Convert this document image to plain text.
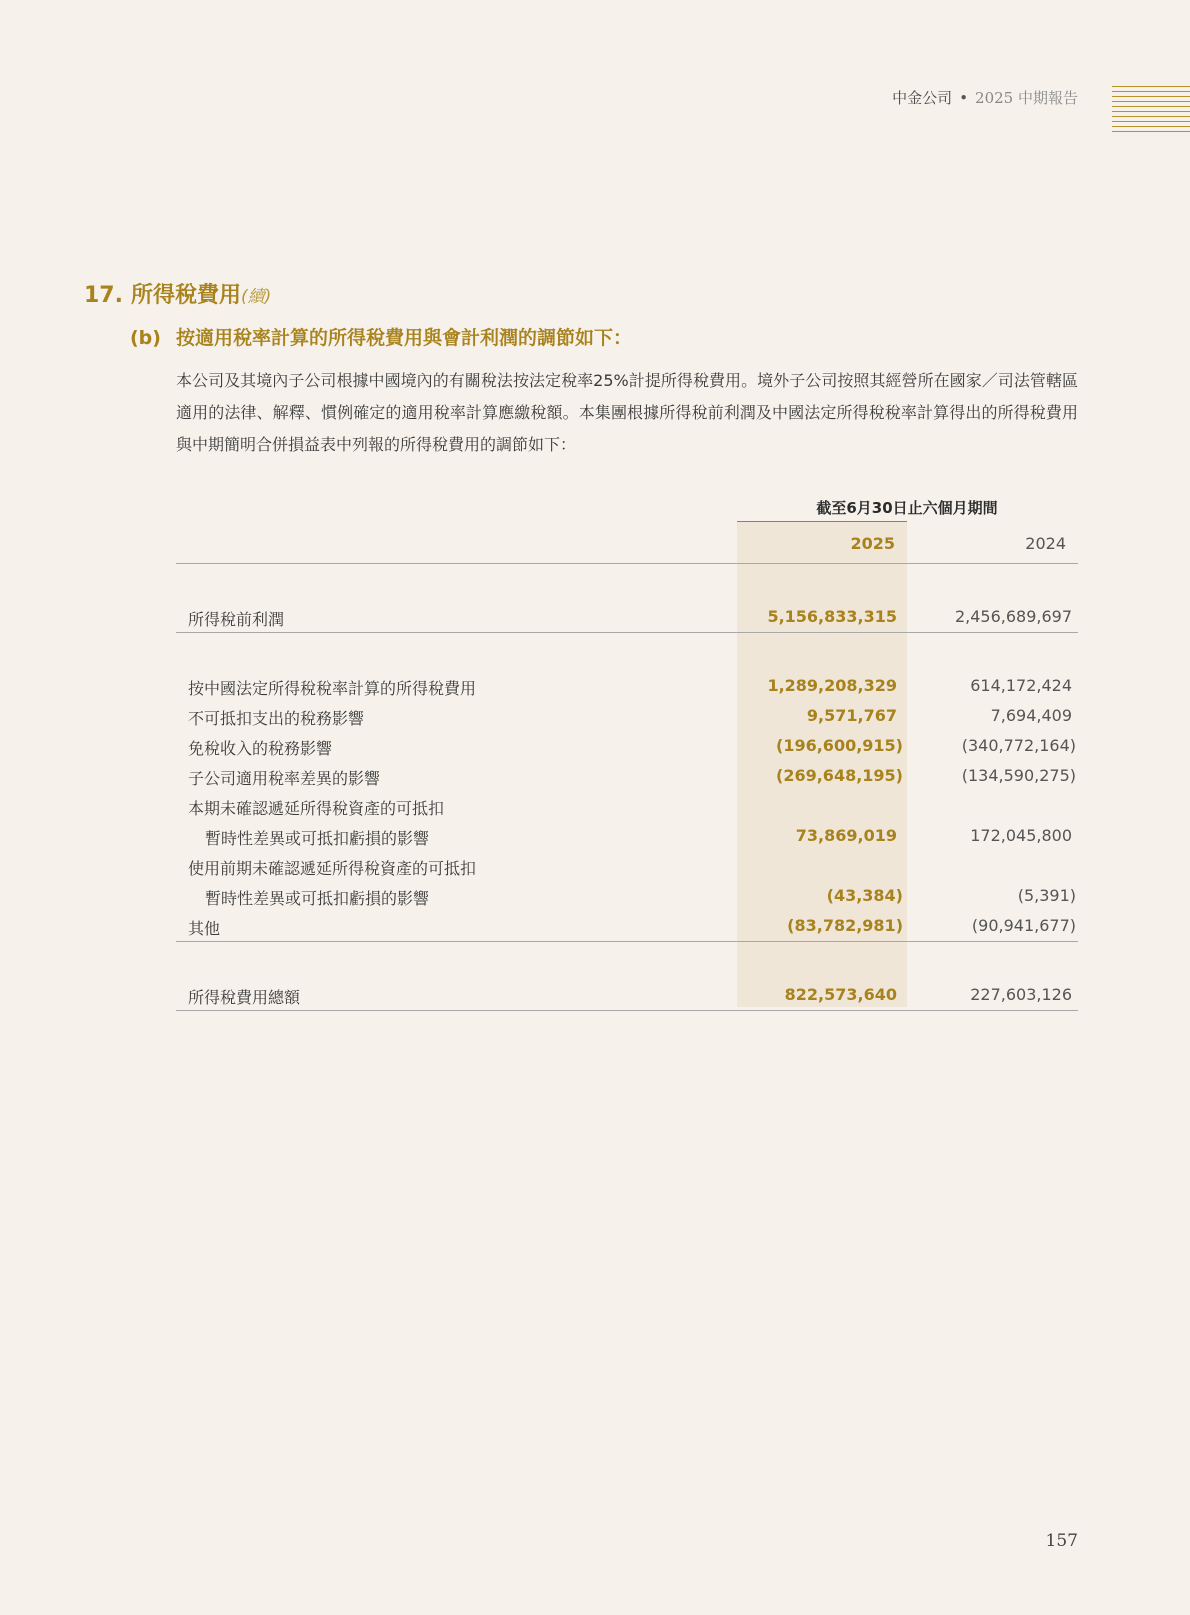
中金公司 • 2025 中期報告
17. 所得稅費用(續)
(b) 按適用稅率計算的所得稅費用與會計利潤的調節如下：

本公司及其境內子公司根據中國境內的有關稅法按法定稅率25%計提所得稅費用。境外子公司按照其經營所在國家／司法管轄區適用的法律、解釋、慣例確定的適用稅率計算應繳稅額。本集團根據所得稅前利潤及中國法定所得稅稅率計算得出的所得稅費用與中期簡明合併損益表中列報的所得稅費用的調節如下：

截至6月30日止六個月期間
2025	2024
所得稅前利潤	5,156,833,315	2,456,689,697
按中國法定所得稅稅率計算的所得稅費用	1,289,208,329	614,172,424
不可抵扣支出的稅務影響	9,571,767	7,694,409
免稅收入的稅務影響	(196,600,915)	(340,772,164)
子公司適用稅率差異的影響	(269,648,195)	(134,590,275)
本期未確認遞延所得稅資產的可抵扣
暫時性差異或可抵扣虧損的影響	73,869,019	172,045,800
使用前期未確認遞延所得稅資產的可抵扣
暫時性差異或可抵扣虧損的影響	(43,384)	(5,391)
其他	(83,782,981)	(90,941,677)
所得稅費用總額	822,573,640	227,603,126
157
